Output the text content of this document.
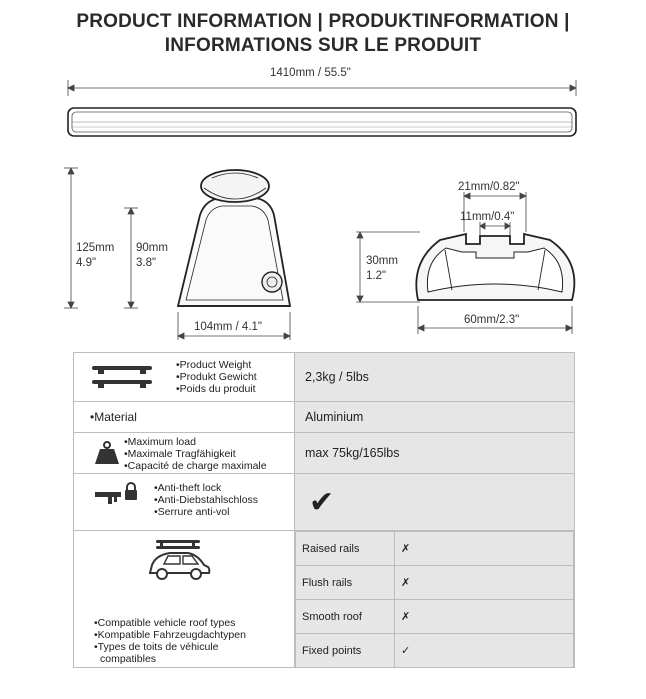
PRODUCT INFORMATION | PRODUKTINFORMATION |
INFORMATIONS SUR LE PRODUIT
1410mm / 55.5"
125mm
4.9"
90mm
3.8"
104mm / 4.1"
21mm/0.82"
11mm/0.4"
30mm
1.2"
60mm/2.3"
•Product Weight
•Produkt Gewicht
•Poids du produit
	2,3kg / 5lbs
•Material	Aluminium

•Maximum load
•Maximale Tragfähigkeit
•Capacité de charge maximale
	max 75kg/165lbs

•Anti-theft lock
•Anti-Diebstahlschloss
•Serrure anti-vol	✔

•Compatible vehicle roof types
•Kompatible Fahrzeugdachtypen
•Types de toits de véhicule
compatibles

Raised rails	✗
Flush rails	✗
Smooth roof	✗
Fixed points	✓
